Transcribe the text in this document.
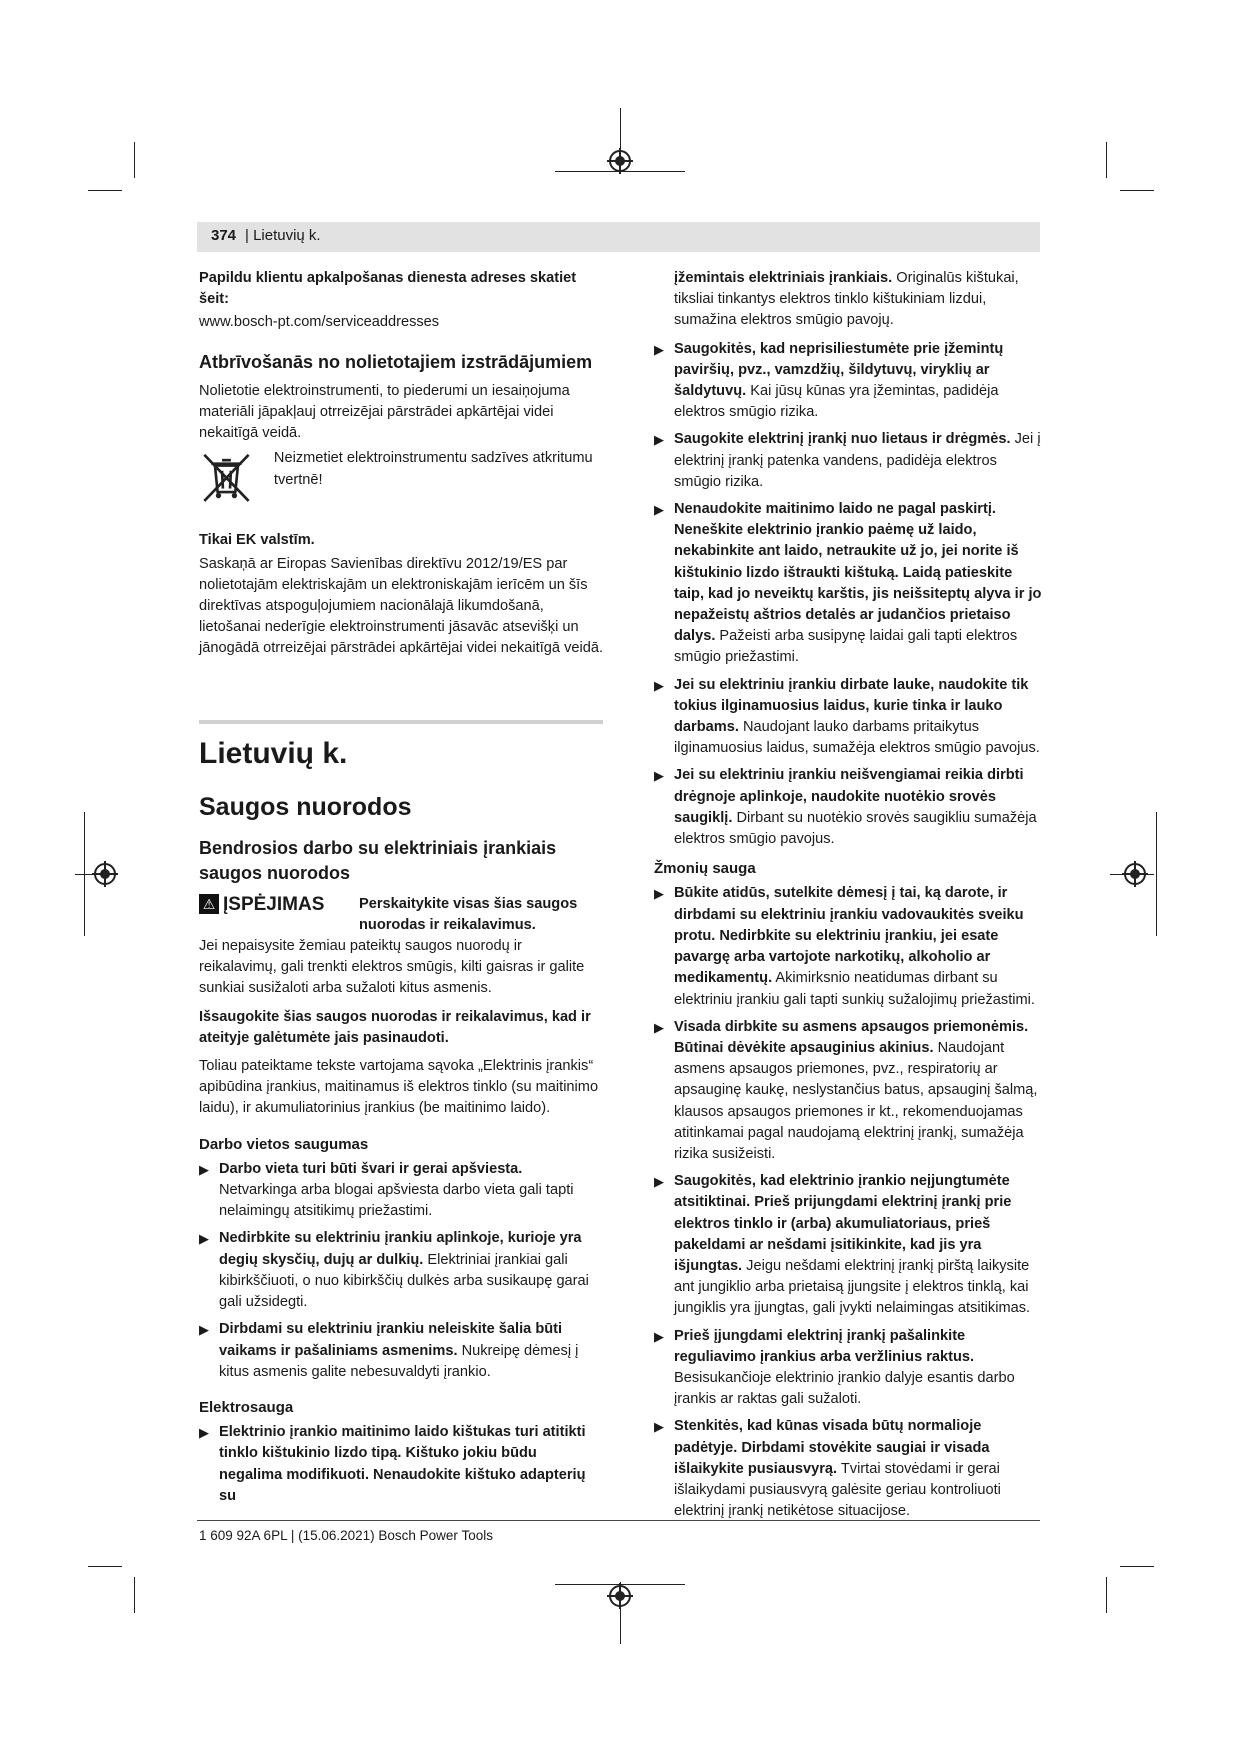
374 | Lietuvių k.

Papildu klientu apkalpošanas dienesta adreses skatiet šeit:

www.bosch-pt.com/serviceaddresses

Atbrīvošanās no nolietotajiem izstrādājumiem

Nolietotie elektroinstrumenti, to piederumi un iesaiņojuma materiāli jāpakļauj otrreizējai pārstrādei apkārtējai videi nekaitīgā veidā.

Neizmetiet elektroinstrumentu sadzīves atkritumu tvertnē!

Tikai EK valstīm.

Saskaņā ar Eiropas Savienības direktīvu 2012/19/ES par nolietotajām elektriskajām un elektroniskajām ierīcēm un šīs direktīvas atspoguļojumiem nacionālajā likumdošanā, lietošanai nederīgie elektroinstrumenti jāsavāc atsevišķi un jānogādā otrreizējai pārstrādei apkārtējai videi nekaitīgā veidā.

Lietuvių k.
Saugos nuorodos
Bendrosios darbo su elektriniais įrankiais saugos nuorodos
⚠ ĮSPĖJIMAS Perskaitykite visas šias saugos nuorodas ir reikalavimus.

Jei nepaisysite žemiau pateiktų saugos nuorodų ir reikalavimų, gali trenkti elektros smūgis, kilti gaisras ir galite sunkiai susižaloti arba sužaloti kitus asmenis.

Išsaugokite šias saugos nuorodas ir reikalavimus, kad ir ateityje galėtumėte jais pasinaudoti.

Toliau pateiktame tekste vartojama sąvoka „Elektrinis įrankis“ apibūdina įrankius, maitinamus iš elektros tinklo (su maitinimo laidu), ir akumuliatorinius įrankius (be maitinimo laido).

Darbo vietos saugumas
▶ Darbo vieta turi būti švari ir gerai apšviesta. Netvarkinga arba blogai apšviesta darbo vieta gali tapti nelaimingų atsitikimų priežastimi.
▶ Nedirbkite su elektriniu įrankiu aplinkoje, kurioje yra degių skysčių, dujų ar dulkių. Elektriniai įrankiai gali kibirkščiuoti, o nuo kibirkščių dulkės arba susikaupę garai gali užsidegti.
▶ Dirbdami su elektriniu įrankiu neleiskite šalia būti vaikams ir pašaliniams asmenims. Nukreipę dėmesį į kitus asmenis galite nebesuvaldyti įrankio.
Elektrosauga
▶ Elektrinio įrankio maitinimo laido kištukas turi atitikti tinklo kištukinio lizdo tipą. Kištuko jokiu būdu negalima modifikuoti. Nenaudokite kištuko adapterių su

įžemintais elektriniais įrankiais. Originalūs kištukai, tiksliai tinkantys elektros tinklo kištukiniam lizdui, sumažina elektros smūgio pavojų.

▶ Saugokitės, kad neprisiliestumėte prie įžemintų paviršių, pvz., vamzdžių, šildytuvų, viryklių ar šaldytuvų. Kai jūsų kūnas yra įžemintas, padidėja elektros smūgio rizika.
▶ Saugokite elektrinį įrankį nuo lietaus ir drėgmės. Jei į elektrinį įrankį patenka vandens, padidėja elektros smūgio rizika.
▶ Nenaudokite maitinimo laido ne pagal paskirtį. Neneškite elektrinio įrankio paėmę už laido, nekabinkite ant laido, netraukite už jo, jei norite iš kištukinio lizdo ištraukti kištuką. Laidą patieskite taip, kad jo neveiktų karštis, jis neišsiteptų alyva ir jo nepažeistų aštrios detalės ar judančios prietaiso dalys. Pažeisti arba susipynę laidai gali tapti elektros smūgio priežastimi.
▶ Jei su elektriniu įrankiu dirbate lauke, naudokite tik tokius ilginamuosius laidus, kurie tinka ir lauko darbams. Naudojant lauko darbams pritaikytus ilginamuosius laidus, sumažėja elektros smūgio pavojus.
▶ Jei su elektriniu įrankiu neišvengiamai reikia dirbti drėgnoje aplinkoje, naudokite nuotėkio srovės saugiklį. Dirbant su nuotėkio srovės saugikliu sumažėja elektros smūgio pavojus.
Žmonių sauga
▶ Būkite atidūs, sutelkite dėmesį į tai, ką darote, ir dirbdami su elektriniu įrankiu vadovaukitės sveiku protu. Nedirbkite su elektriniu įrankiu, jei esate pavargę arba vartojote narkotikų, alkoholio ar medikamentų. Akimirksnio neatidumas dirbant su elektriniu įrankiu gali tapti sunkių sužalojimų priežastimi.
▶ Visada dirbkite su asmens apsaugos priemonėmis. Būtinai dėvėkite apsauginius akinius. Naudojant asmens apsaugos priemones, pvz., respiratorių ar apsauginę kaukę, neslystančius batus, apsauginį šalmą, klausos apsaugos priemones ir kt., rekomenduojamas atitinkamai pagal naudojamą elektrinį įrankį, sumažėja rizika susižeisti.
▶ Saugokitės, kad elektrinio įrankio neįjungtumėte atsitiktinai. Prieš prijungdami elektrinį įrankį prie elektros tinklo ir (arba) akumuliatoriaus, prieš pakeldami ar nešdami įsitikinkite, kad jis yra išjungtas. Jeigu nešdami elektrinį įrankį pirštą laikysite ant jungiklio arba prietaisą įjungsite į elektros tinklą, kai jungiklis yra įjungtas, gali įvykti nelaimingas atsitikimas.
▶ Prieš įjungdami elektrinį įrankį pašalinkite reguliavimo įrankius arba veržlinius raktus. Besisukančioje elektrinio įrankio dalyje esantis darbo įrankis ar raktas gali sužaloti.
▶ Stenkitės, kad kūnas visada būtų normalioje padėtyje. Dirbdami stovėkite saugiai ir visada išlaikykite pusiausvyrą. Tvirtai stovėdami ir gerai išlaikydami pusiausvyrą galėsite geriau kontroliuoti elektrinį įrankį netikėtose situacijose.
1 609 92A 6PL | (15.06.2021) Bosch Power Tools
